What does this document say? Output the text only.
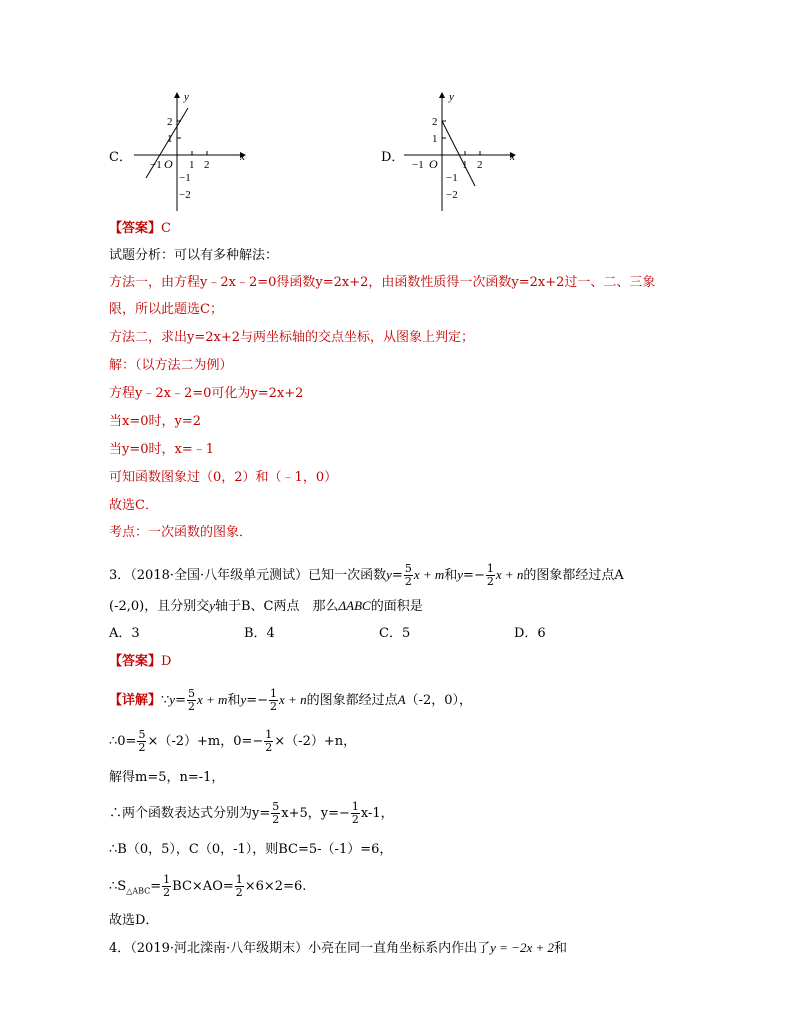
C．
y
x
2
1
−1
−2
−1 O 1 2	D．
y
x
2
1
−1
−2
−1 O 1 2
【答案】C
试题分析：可以有多种解法：
方法一，由方程y﹣2x﹣2=0得函数y=2x+2，由函数性质得一次函数y=2x+2过一、二、三象
限，所以此题选C；
方法二，求出y=2x+2与两坐标轴的交点坐标，从图象上判定；
解：（以方法二为例）
方程y﹣2x﹣2=0可化为y=2x+2
当x=0时，y=2
当y=0时，x=﹣1
可知函数图象过（0，2）和（﹣1，0）
故选C．
考点：一次函数的图象．
3．（2018·全国·八年级单元测试）已知一次函数$y= \frac{5}{2}$ x + m和$y=- \frac{1}{2}$ x + n的图象都经过点A
(-2,0)，且分别交y轴于B、C两点　那么ΔABC的面积是
A．3	B．4	C．5	D．6
【答案】D
【详解】∵y= $\frac{5}{2}$ x + m和$y=- \frac{1}{2}$ x + n的图象都经过点A（-2，0），
∴0= $\frac{5}{2} \times(-2)+m$，$0=- \frac{1}{2} \times(-2)+n$，
解得m=5，n=-1，
∴两个函数表达式分别为$y= \frac{5}{2} x+5$，$y=- \frac{1}{2} x-1$，
∴B（0，5），C（0，-1），则BC=5-（-1）=6，
$\therefore S_{\triangle ABC}= \frac{1}{2} BC\times AO= \frac{1}{2} \times 6\times 2=6$.
故选D．
4．（2019·河北滦南·八年级期末）小亮在同一直角坐标系内作出了y = −2x + 2和
